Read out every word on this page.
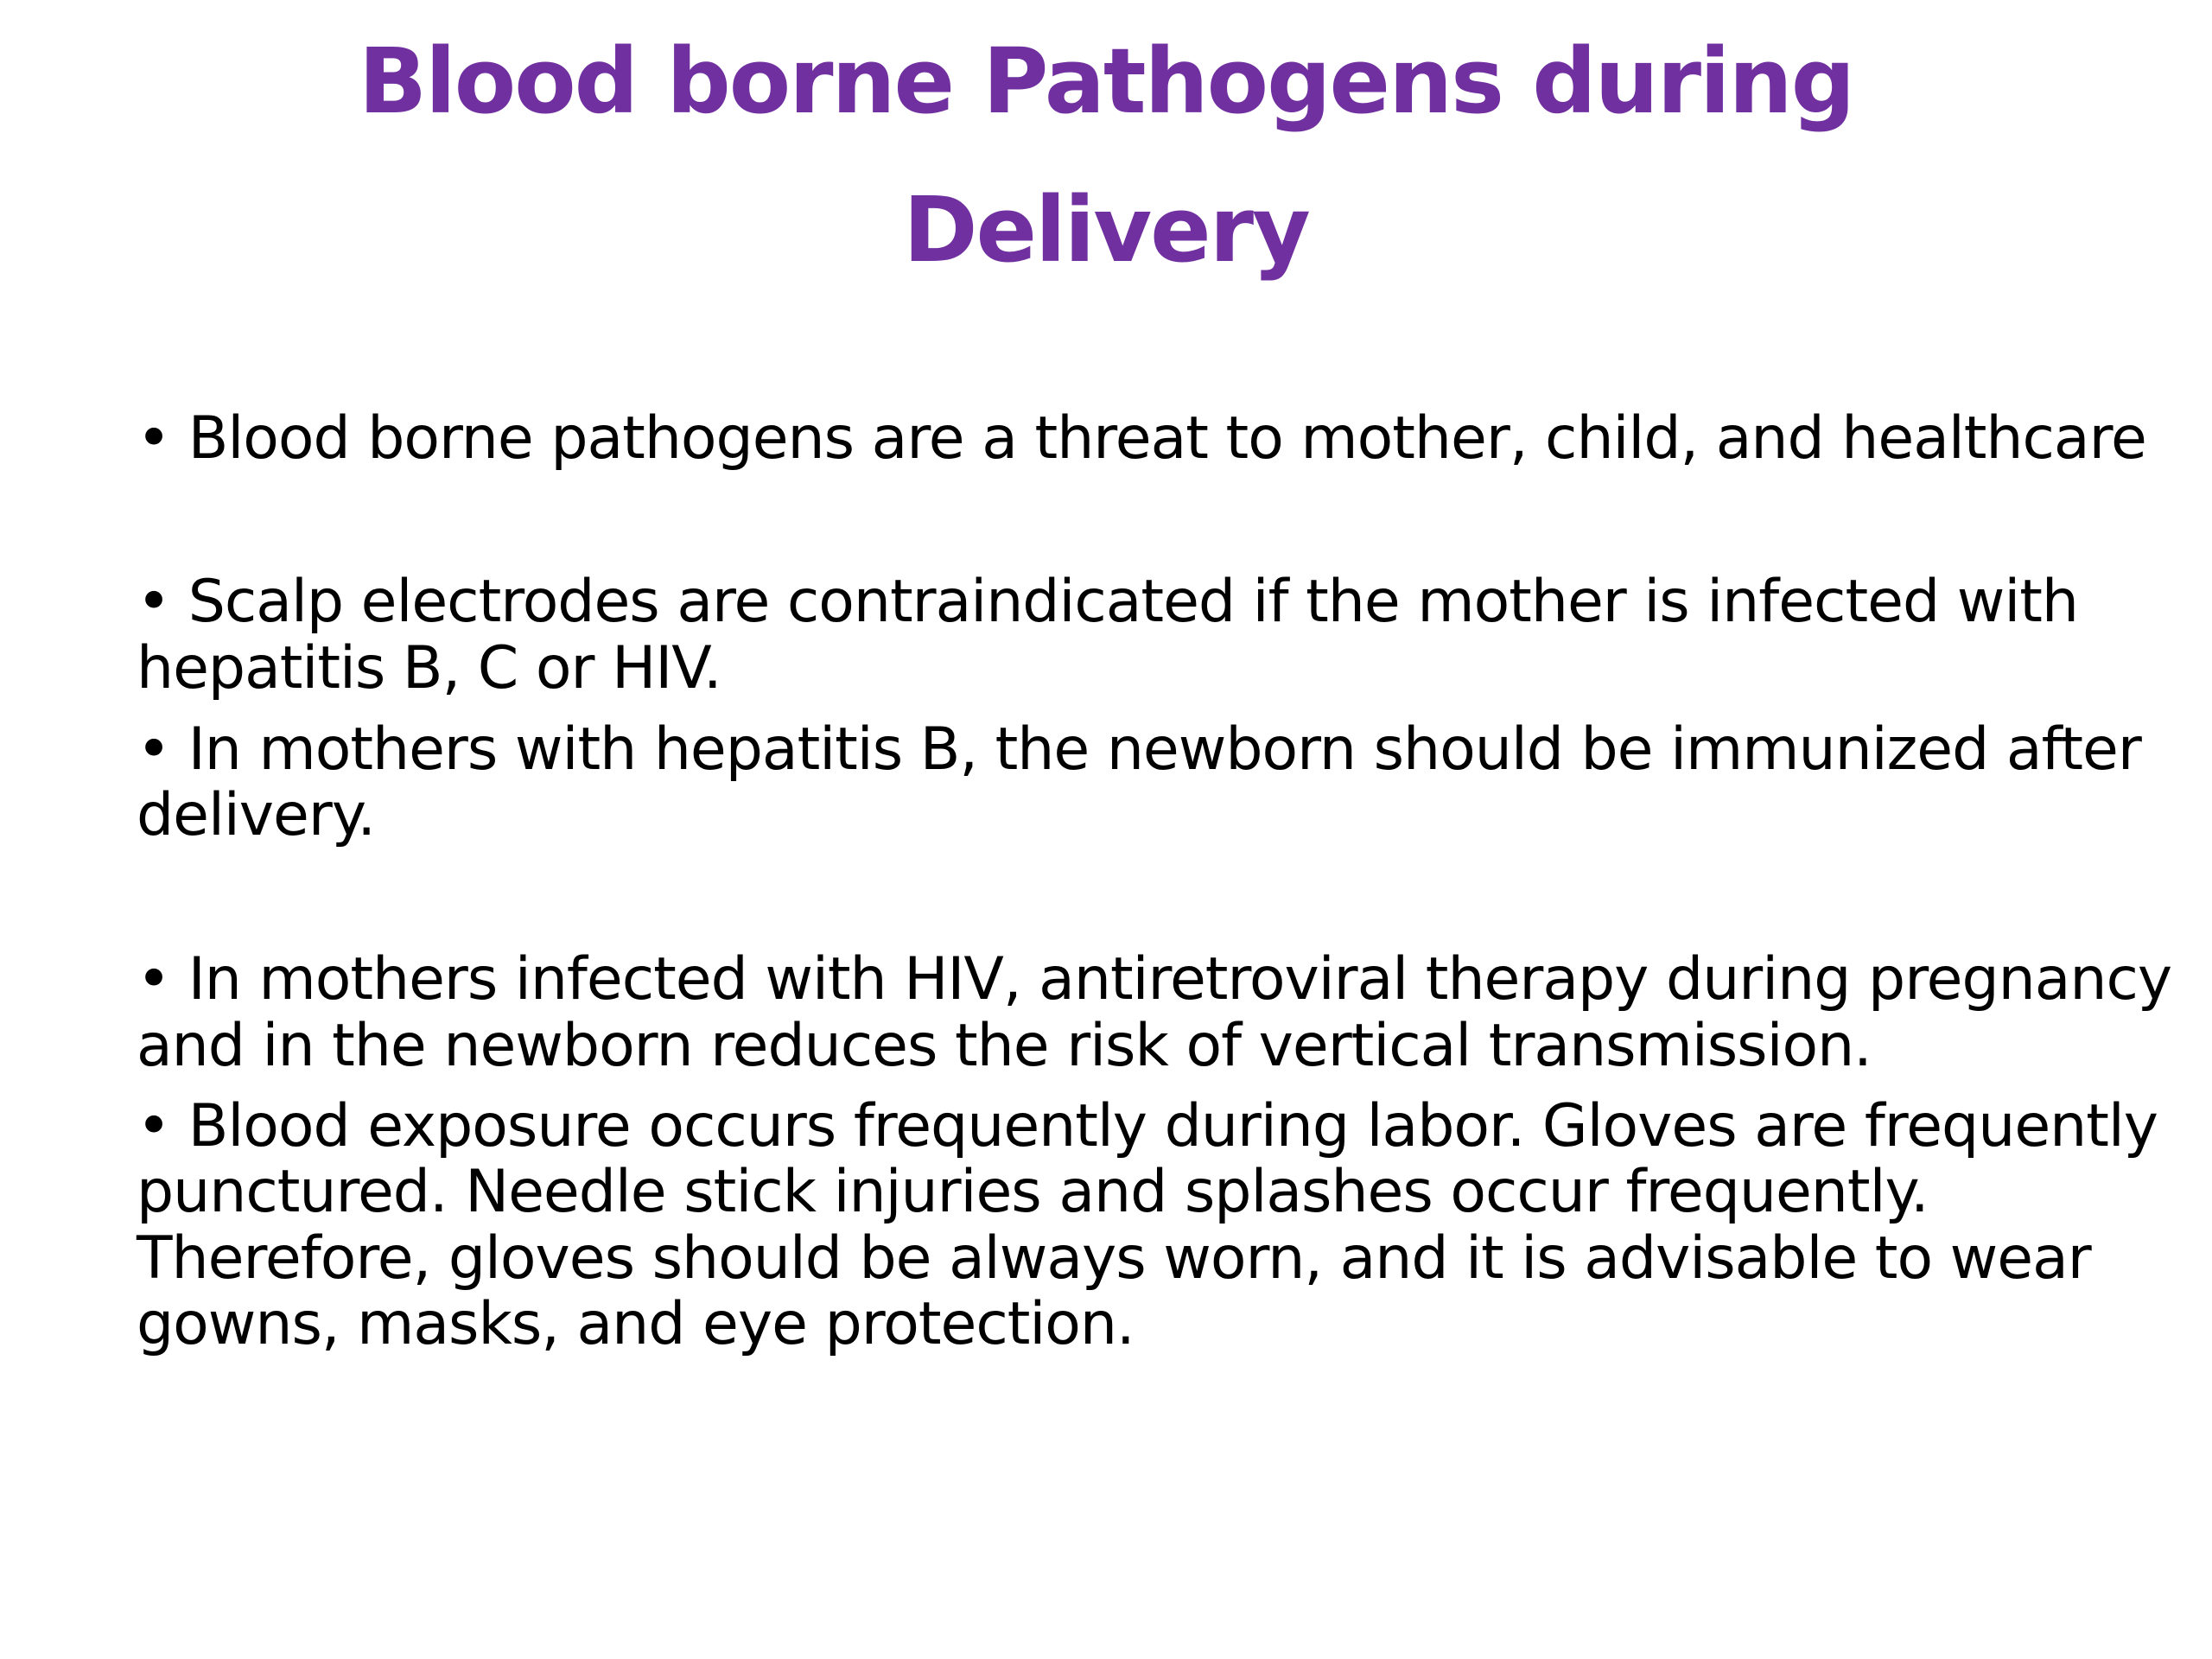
Blood borne Pathogens during
Delivery
• Blood borne pathogens are a threat to mother, child, and healthcare
• Scalp electrodes are contraindicated if the mother is infected with
hepatitis B, C or HIV.
• In mothers with hepatitis B, the newborn should be immunized after
delivery.
• In mothers infected with HIV, antiretroviral therapy during pregnancy
and in the newborn reduces the risk of vertical transmission.
• Blood exposure occurs frequently during labor. Gloves are frequently
punctured. Needle stick injuries and splashes occur frequently.
Therefore, gloves should be always worn, and it is advisable to wear
gowns, masks, and eye protection.
